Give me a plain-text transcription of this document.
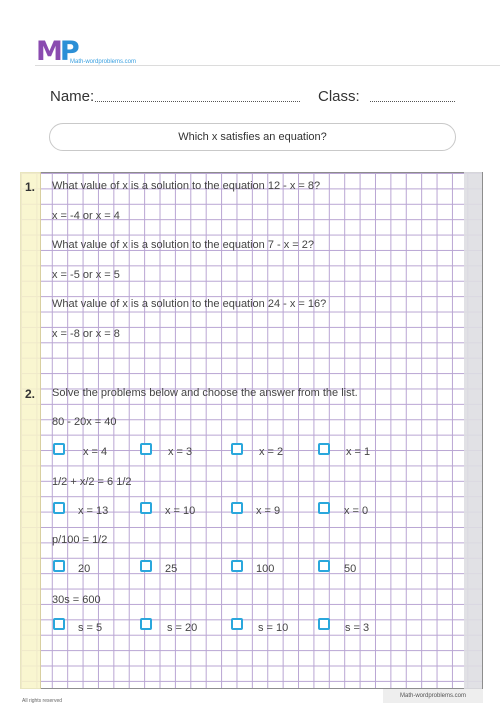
MP
Math-wordproblems.com
Name:	Class:
Which x satisfies an equation?
1. What value of x is a solution to the equation 12 - x = 8?
x = -4 or x = 4
What value of x is a solution to the equation 7 - x = 2?
x = -5 or x = 5
What value of x is a solution to the equation 24 - x = 16?
x = -8 or x = 8
2. Solve the problems below and choose the answer from the list.
80 - 20x = 40
x = 4	x = 3	x = 2	x = 1
1/2 + x/2 = 6 1/2
x = 13	x = 10	x = 9	x = 0
p/100 = 1/2
20	25	100	50
30s = 600
s = 5	s = 20	s = 10	s = 3
All rights reserved
Math-wordproblems.com
